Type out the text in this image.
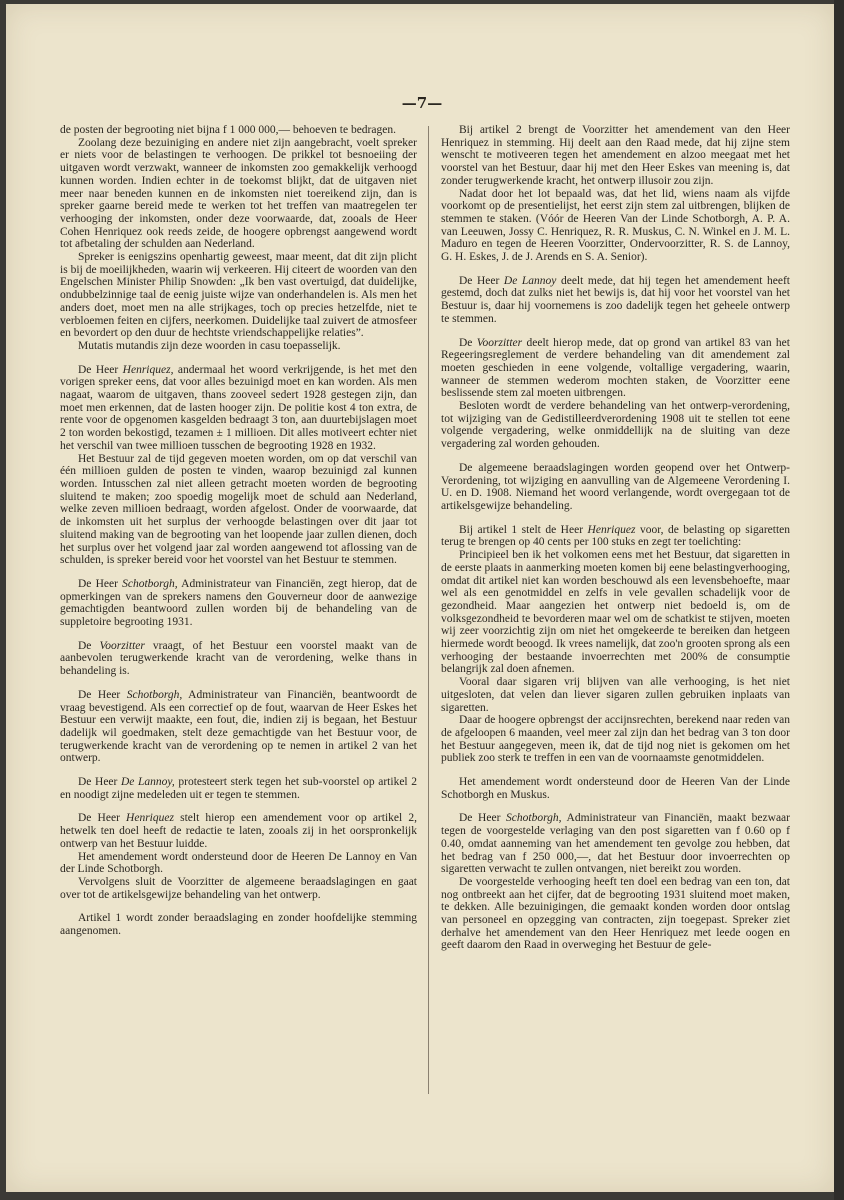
—7—

de posten der begrooting niet bijna f 1 000 000,— behoeven te bedragen.

Zoolang deze bezuiniging en andere niet zijn aangebracht, voelt spreker er niets voor de belastingen te verhoogen. De prikkel tot besnoeiing der uitgaven wordt verzwakt, wanneer de inkomsten zoo gemakkelijk verhoogd kunnen worden. Indien echter in de toekomst blijkt, dat de uitgaven niet meer naar beneden kunnen en de inkomsten niet toereikend zijn, dan is spreker gaarne bereid mede te werken tot het treffen van maatregelen ter verhooging der inkomsten, onder deze voorwaarde, dat, zooals de Heer Cohen Henriquez ook reeds zeide, de hoogere opbrengst aangewend wordt tot afbetaling der schulden aan Nederland.

Spreker is eenigszins openhartig geweest, maar meent, dat dit zijn plicht is bij de moeilijkheden, waarin wij verkeeren. Hij citeert de woorden van den Engelschen Minister Philip Snowden: „Ik ben vast overtuigd, dat duidelijke, ondubbelzinnige taal de eenig juiste wijze van onderhandelen is. Als men het anders doet, moet men na alle strijkages, toch op precies hetzelfde, niet te verbloemen feiten en cijfers, neerkomen. Duidelijke taal zuivert de atmosfeer en bevordert op den duur de hechtste vriendschappelijke relaties”.

Mutatis mutandis zijn deze woorden in casu toepasselijk.

De Heer Henriquez, andermaal het woord verkrijgende, is het met den vorigen spreker eens, dat voor alles bezuinigd moet en kan worden. Als men nagaat, waarom de uitgaven, thans zooveel sedert 1928 gestegen zijn, dan moet men erkennen, dat de lasten hooger zijn. De politie kost 4 ton extra, de rente voor de opgenomen kasgelden bedraagt 3 ton, aan duurtebijslagen moet 2 ton worden bekostigd, tezamen ± 1 millioen. Dit alles motiveert echter niet het verschil van twee millioen tusschen de begrooting 1928 en 1932.

Het Bestuur zal de tijd gegeven moeten worden, om op dat verschil van één millioen gulden de posten te vinden, waarop bezuinigd zal kunnen worden. Intusschen zal niet alleen getracht moeten worden de begrooting sluitend te maken; zoo spoedig mogelijk moet de schuld aan Nederland, welke zeven millioen bedraagt, worden afgelost. Onder de voorwaarde, dat de inkomsten uit het surplus der verhoogde belastingen over dit jaar tot sluitend making van de begrooting van het loopende jaar zullen dienen, doch het surplus over het volgend jaar zal worden aangewend tot aflossing van de schulden, is spreker bereid voor het voorstel van het Bestuur te stemmen.

De Heer Schotborgh, Administrateur van Financiën, zegt hierop, dat de opmerkingen van de sprekers namens den Gouverneur door de aanwezige gemachtigden beantwoord zullen worden bij de behandeling van de suppletoire begrooting 1931.

De Voorzitter vraagt, of het Bestuur een voorstel maakt van de aanbevolen terugwerkende kracht van de verordening, welke thans in behandeling is.

De Heer Schotborgh, Administrateur van Financiën, beantwoordt de vraag bevestigend. Als een correctief op de fout, waarvan de Heer Eskes het Bestuur een verwijt maakte, een fout, die, indien zij is begaan, het Bestuur dadelijk wil goedmaken, stelt deze gemachtigde van het Bestuur voor, de terugwerkende kracht van de verordening op te nemen in artikel 2 van het ontwerp.

De Heer De Lannoy, protesteert sterk tegen het sub-voorstel op artikel 2 en noodigt zijne medeleden uit er tegen te stemmen.

De Heer Henriquez stelt hierop een amendement voor op artikel 2, hetwelk ten doel heeft de redactie te laten, zooals zij in het oorspronkelijk ontwerp van het Bestuur luidde.

Het amendement wordt ondersteund door de Heeren De Lannoy en Van der Linde Schotborgh.

Vervolgens sluit de Voorzitter de algemeene beraadslagingen en gaat over tot de artikelsgewijze behandeling van het ontwerp.

Artikel 1 wordt zonder beraadslaging en zonder hoofdelijke stemming aangenomen.

Bij artikel 2 brengt de Voorzitter het amendement van den Heer Henriquez in stemming. Hij deelt aan den Raad mede, dat hij zijne stem wenscht te motiveeren tegen het amendement en alzoo meegaat met het voorstel van het Bestuur, daar hij met den Heer Eskes van meening is, dat zonder terugwerkende kracht, het ontwerp illusoir zou zijn.

Nadat door het lot bepaald was, dat het lid, wiens naam als vijfde voorkomt op de presentielijst, het eerst zijn stem zal uitbrengen, blijken de stemmen te staken. (Vóór de Heeren Van der Linde Schotborgh, A. P. A. van Leeuwen, Jossy C. Henriquez, R. R. Muskus, C. N. Winkel en J. M. L. Maduro en tegen de Heeren Voorzitter, Ondervoorzitter, R. S. de Lannoy, G. H. Eskes, J. de J. Arends en S. A. Senior).

De Heer De Lannoy deelt mede, dat hij tegen het amendement heeft gestemd, doch dat zulks niet het bewijs is, dat hij voor het voorstel van het Bestuur is, daar hij voornemens is zoo dadelijk tegen het geheele ontwerp te stemmen.

De Voorzitter deelt hierop mede, dat op grond van artikel 83 van het Regeeringsreglement de verdere behandeling van dit amendement zal moeten geschieden in eene volgende, voltallige vergadering, waarin, wanneer de stemmen wederom mochten staken, de Voorzitter eene beslissende stem zal moeten uitbrengen.

Besloten wordt de verdere behandeling van het ontwerp-verordening, tot wijziging van de Gedistilleerdverordening 1908 uit te stellen tot eene volgende vergadering, welke onmiddellijk na de sluiting van deze vergadering zal worden gehouden.

De algemeene beraadslagingen worden geopend over het Ontwerp-Verordening, tot wijziging en aanvulling van de Algemeene Verordening I. U. en D. 1908. Niemand het woord verlangende, wordt overgegaan tot de artikelsgewijze behandeling.

Bij artikel 1 stelt de Heer Henriquez voor, de belasting op sigaretten terug te brengen op 40 cents per 100 stuks en zegt ter toelichting:

Principieel ben ik het volkomen eens met het Bestuur, dat sigaretten in de eerste plaats in aanmerking moeten komen bij eene belastingverhooging, omdat dit artikel niet kan worden beschouwd als een levensbehoefte, maar wel als een genotmiddel en zelfs in vele gevallen schadelijk voor de gezondheid. Maar aangezien het ontwerp niet bedoeld is, om de volksgezondheid te bevorderen maar wel om de schatkist te stijven, moeten wij zeer voorzichtig zijn om niet het omgekeerde te bereiken dan hetgeen hiermede wordt beoogd. Ik vrees namelijk, dat zoo'n grooten sprong als een verhooging der bestaande invoerrechten met 200% de consumptie belangrijk zal doen afnemen.

Vooral daar sigaren vrij blijven van alle verhooging, is het niet uitgesloten, dat velen dan liever sigaren zullen gebruiken inplaats van sigaretten.

Daar de hoogere opbrengst der accijnsrechten, berekend naar reden van de afgeloopen 6 maanden, veel meer zal zijn dan het bedrag van 3 ton door het Bestuur aangegeven, meen ik, dat de tijd nog niet is gekomen om het publiek zoo sterk te treffen in een van de voornaamste genotmiddelen.

Het amendement wordt ondersteund door de Heeren Van der Linde Schotborgh en Muskus.

De Heer Schotborgh, Administrateur van Financiën, maakt bezwaar tegen de voorgestelde verlaging van den post sigaretten van f 0.60 op f 0.40, omdat aanneming van het amendement ten gevolge zou hebben, dat het bedrag van f 250 000,—, dat het Bestuur door invoerrechten op sigaretten verwacht te zullen ontvangen, niet bereikt zou worden.

De voorgestelde verhooging heeft ten doel een bedrag van een ton, dat nog ontbreekt aan het cijfer, dat de begrooting 1931 sluitend moet maken, te dekken. Alle bezuinigingen, die gemaakt konden worden door ontslag van personeel en opzegging van contracten, zijn toegepast. Spreker ziet derhalve het amendement van den Heer Henriquez met leede oogen en geeft daarom den Raad in overweging het Bestuur de gele-
